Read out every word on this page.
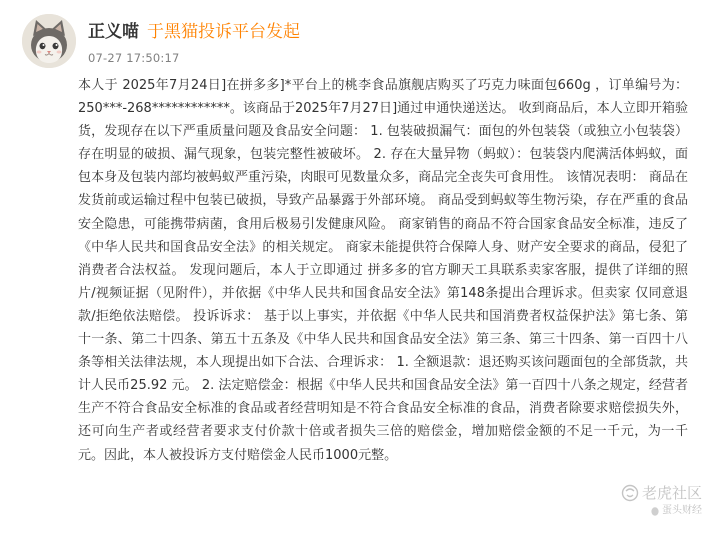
正义喵 于黑猫投诉平台发起
07-27 17:50:17

本人于 2025年7月24日]在拼多多]*平台上的桃李食品旗舰店购买了巧克力味面包660g ，订单编号为：250***-268************。该商品于2025年7月27日]通过申通快递送达。 收到商品后，本人立即开箱验货，发现存在以下严重质量问题及食品安全问题： 1. 包装破损漏气：面包的外包装袋（或独立小包装袋）存在明显的破损、漏气现象，包装完整性被破坏。 2. 存在大量异物（蚂蚁）：包装袋内爬满活体蚂蚁，面包本身及包装内部均被蚂蚁严重污染，肉眼可见数量众多，商品完全丧失可食用性。 该情况表明： 商品在发货前或运输过程中包装已破损，导致产品暴露于外部环境。 商品受到蚂蚁等生物污染，存在严重的食品安全隐患，可能携带病菌，食用后极易引发健康风险。 商家销售的商品不符合国家食品安全标准，违反了《中华人民共和国食品安全法》的相关规定。 商家未能提供符合保障人身、财产安全要求的商品，侵犯了消费者合法权益。 发现问题后，本人于立即通过 拼多多的官方聊天工具联系卖家客服，提供了详细的照片/视频证据（见附件），并依据《中华人民共和国食品安全法》第148条提出合理诉求。但卖家 仅同意退款/拒绝依法赔偿。 投诉诉求： 基于以上事实，并依据《中华人民共和国消费者权益保护法》第七条、第十一条、第二十四条、第五十五条及《中华人民共和国食品安全法》第三条、第三十四条、第一百四十八条等相关法律法规，本人现提出如下合法、合理诉求： 1. 全额退款：退还购买该问题面包的全部货款，共计人民币25.92 元。 2. 法定赔偿金：根据《中华人民共和国食品安全法》第一百四十八条之规定，经营者生产不符合食品安全标准的食品或者经营明知是不符合食品安全标准的食品，消费者除要求赔偿损失外，还可向生产者或经营者要求支付价款十倍或者损失三倍的赔偿金，增加赔偿金额的不足一千元，为一千元。因此，本人被投诉方支付赔偿金人民币1000元整。

老虎社区
蛋头财经
